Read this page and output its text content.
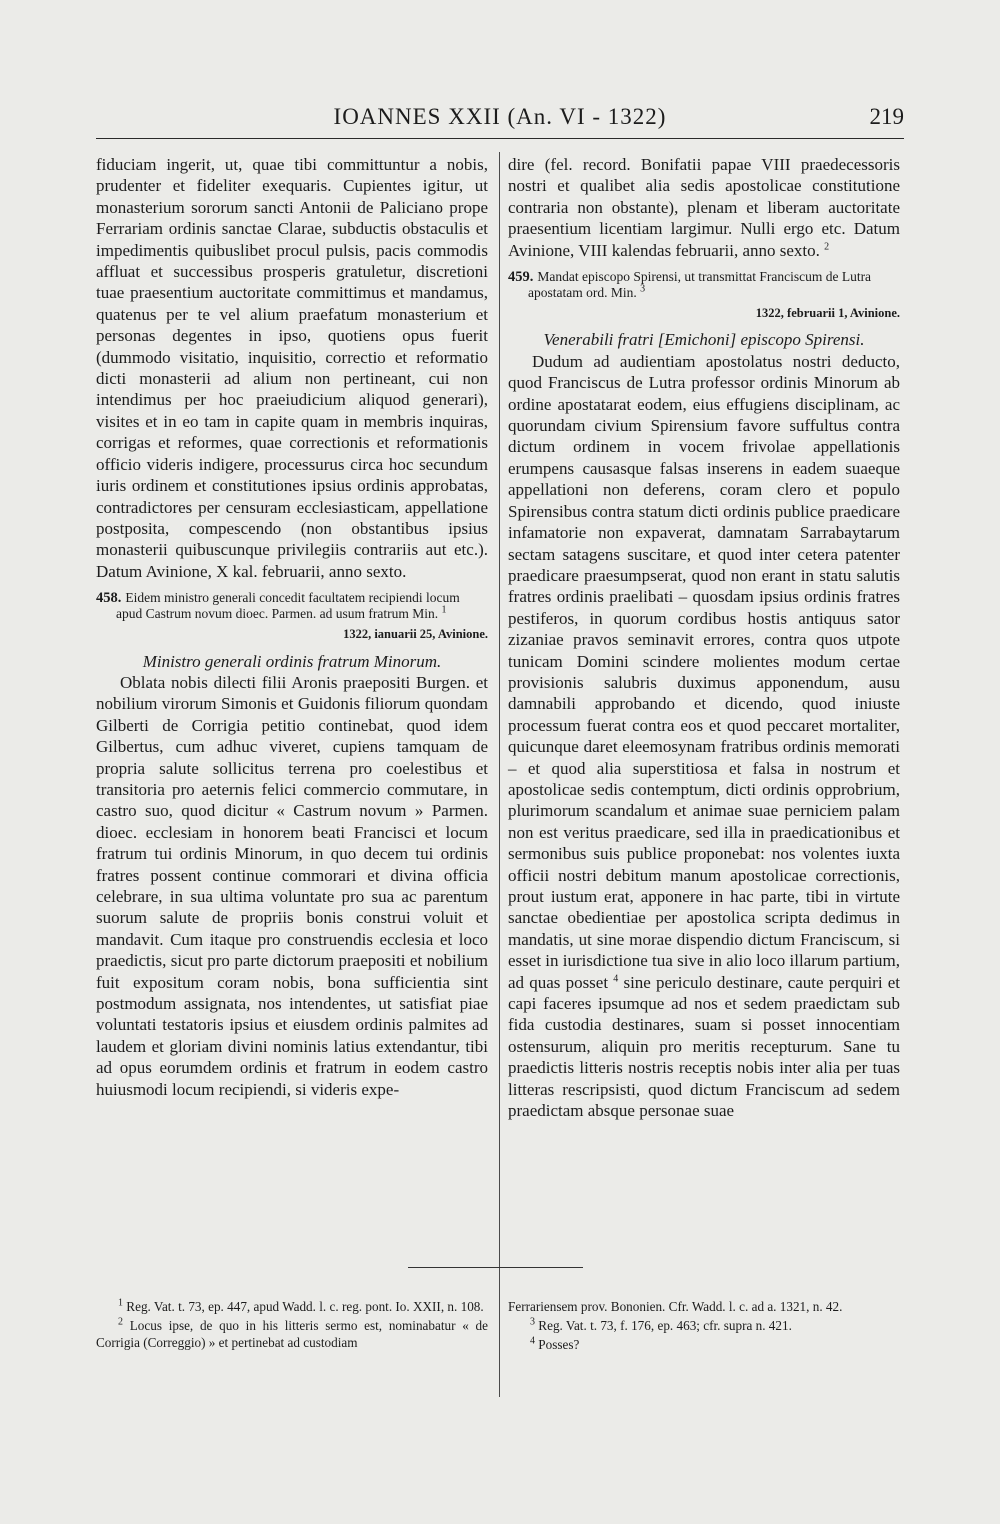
IOANNES XXII (An. VI - 1322)	219

fiduciam ingerit, ut, quae tibi committuntur a nobis, prudenter et fideliter exequaris. Cupientes igitur, ut monasterium sororum sancti Antonii de Paliciano prope Ferrariam ordinis sanctae Clarae, subductis obstaculis et impedimentis quibuslibet procul pulsis, pacis commodis affluat et successibus prosperis gratuletur, discretioni tuae praesentium auctoritate committimus et mandamus, quatenus per te vel alium praefatum monasterium et personas degentes in ipso, quotiens opus fuerit (dummodo visitatio, inquisitio, correctio et reformatio dicti monasterii ad alium non pertineant, cui non intendimus per hoc praeiudicium aliquod generari), visites et in eo tam in capite quam in membris inquiras, corrigas et reformes, quae correctionis et reformationis officio videris indigere, processurus circa hoc secundum iuris ordinem et constitutiones ipsius ordinis approbatas, contradictores per censuram ecclesiasticam, appellatione postposita, compescendo (non obstantibus ipsius monasterii quibuscunque privilegiis contrariis aut etc.). Datum Avinione, X kal. februarii, anno sexto.

458. Eidem ministro generali concedit facultatem recipiendi locum apud Castrum novum dioec. Parmen. ad usum fratrum Min. $^1$

1322, ianuarii 25, Avinione.

Ministro generali ordinis fratrum Minorum.

Oblata nobis dilecti filii Aronis praepositi Burgen. et nobilium virorum Simonis et Guidonis filiorum quondam Gilberti de Corrigia petitio continebat, quod idem Gilbertus, cum adhuc viveret, cupiens tamquam de propria salute sollicitus terrena pro coelestibus et transitoria pro aeternis felici commercio commutare, in castro suo, quod dicitur « Castrum novum » Parmen. dioec. ecclesiam in honorem beati Francisci et locum fratrum tui ordinis Minorum, in quo decem tui ordinis fratres possent continue commorari et divina officia celebrare, in sua ultima voluntate pro sua ac parentum suorum salute de propriis bonis construi voluit et mandavit. Cum itaque pro construendis ecclesia et loco praedictis, sicut pro parte dictorum praepositi et nobilium fuit expositum coram nobis, bona sufficientia sint postmodum assignata, nos intendentes, ut satisfiat piae voluntati testatoris ipsius et eiusdem ordinis palmites ad laudem et gloriam divini nominis latius extendantur, tibi ad opus eorumdem ordinis et fratrum in eodem castro huiusmodi locum recipiendi, si videris expe-

dire (fel. record. Bonifatii papae VIII praedecessoris nostri et qualibet alia sedis apostolicae constitutione contraria non obstante), plenam et liberam auctoritate praesentium licentiam largimur. Nulli ergo etc. Datum Avinione, VIII kalendas februarii, anno sexto. $^2$

459. Mandat episcopo Spirensi, ut transmittat Franciscum de Lutra apostatam ord. Min. $^3$

1322, februarii 1, Avinione.

Venerabili fratri [Emichoni] episcopo Spirensi.

Dudum ad audientiam apostolatus nostri deducto, quod Franciscus de Lutra professor ordinis Minorum ab ordine apostatarat eodem, eius effugiens disciplinam, ac quorundam civium Spirensium favore suffultus contra dictum ordinem in vocem frivolae appellationis erumpens causasque falsas inserens in eadem suaeque appellationi non deferens, coram clero et populo Spirensibus contra statum dicti ordinis publice praedicare infamatorie non expaverat, damnatam Sarrabaytarum sectam satagens suscitare, et quod inter cetera patenter praedicare praesumpserat, quod non erant in statu salutis fratres ordinis praelibati – quosdam ipsius ordinis fratres pestiferos, in quorum cordibus hostis antiquus sator zizaniae pravos seminavit errores, contra quos utpote tunicam Domini scindere molientes modum certae provisionis salubris duximus apponendum, ausu damnabili approbando et dicendo, quod iniuste processum fuerat contra eos et quod peccaret mortaliter, quicunque daret eleemosynam fratribus ordinis memorati – et quod alia superstitiosa et falsa in nostrum et apostolicae sedis contemptum, dicti ordinis opprobrium, plurimorum scandalum et animae suae perniciem palam non est veritus praedicare, sed illa in praedicationibus et sermonibus suis publice proponebat: nos volentes iuxta officii nostri debitum manum apostolicae correctionis, prout iustum erat, apponere in hac parte, tibi in virtute sanctae obedientiae per apostolica scripta dedimus in mandatis, ut sine morae dispendio dictum Franciscum, si esset in iurisdictione tua sive in alio loco illarum partium, ad quas posset $^4$ sine periculo destinare, caute perquiri et capi faceres ipsumque ad nos et sedem praedictam sub fida custodia destinares, suam si posset innocentiam ostensurum, aliquin pro meritis recepturum. Sane tu praedictis litteris nostris receptis nobis inter alia per tuas litteras rescripsisti, quod dictum Franciscum ad sedem praedictam absque personae suae

$^1$ Reg. Vat. t. 73, ep. 447, apud Wadd. l. c. reg. pont. Io. XXII, n. 108.

$^2$ Locus ipse, de quo in his litteris sermo est, nominabatur « de Corrigia (Correggio) » et pertinebat ad custodiam

Ferrariensem prov. Bononien. Cfr. Wadd. l. c. ad a. 1321, n. 42.

$^3$ Reg. Vat. t. 73, f. 176, ep. 463; cfr. supra n. 421.

$^4$ Posses?
